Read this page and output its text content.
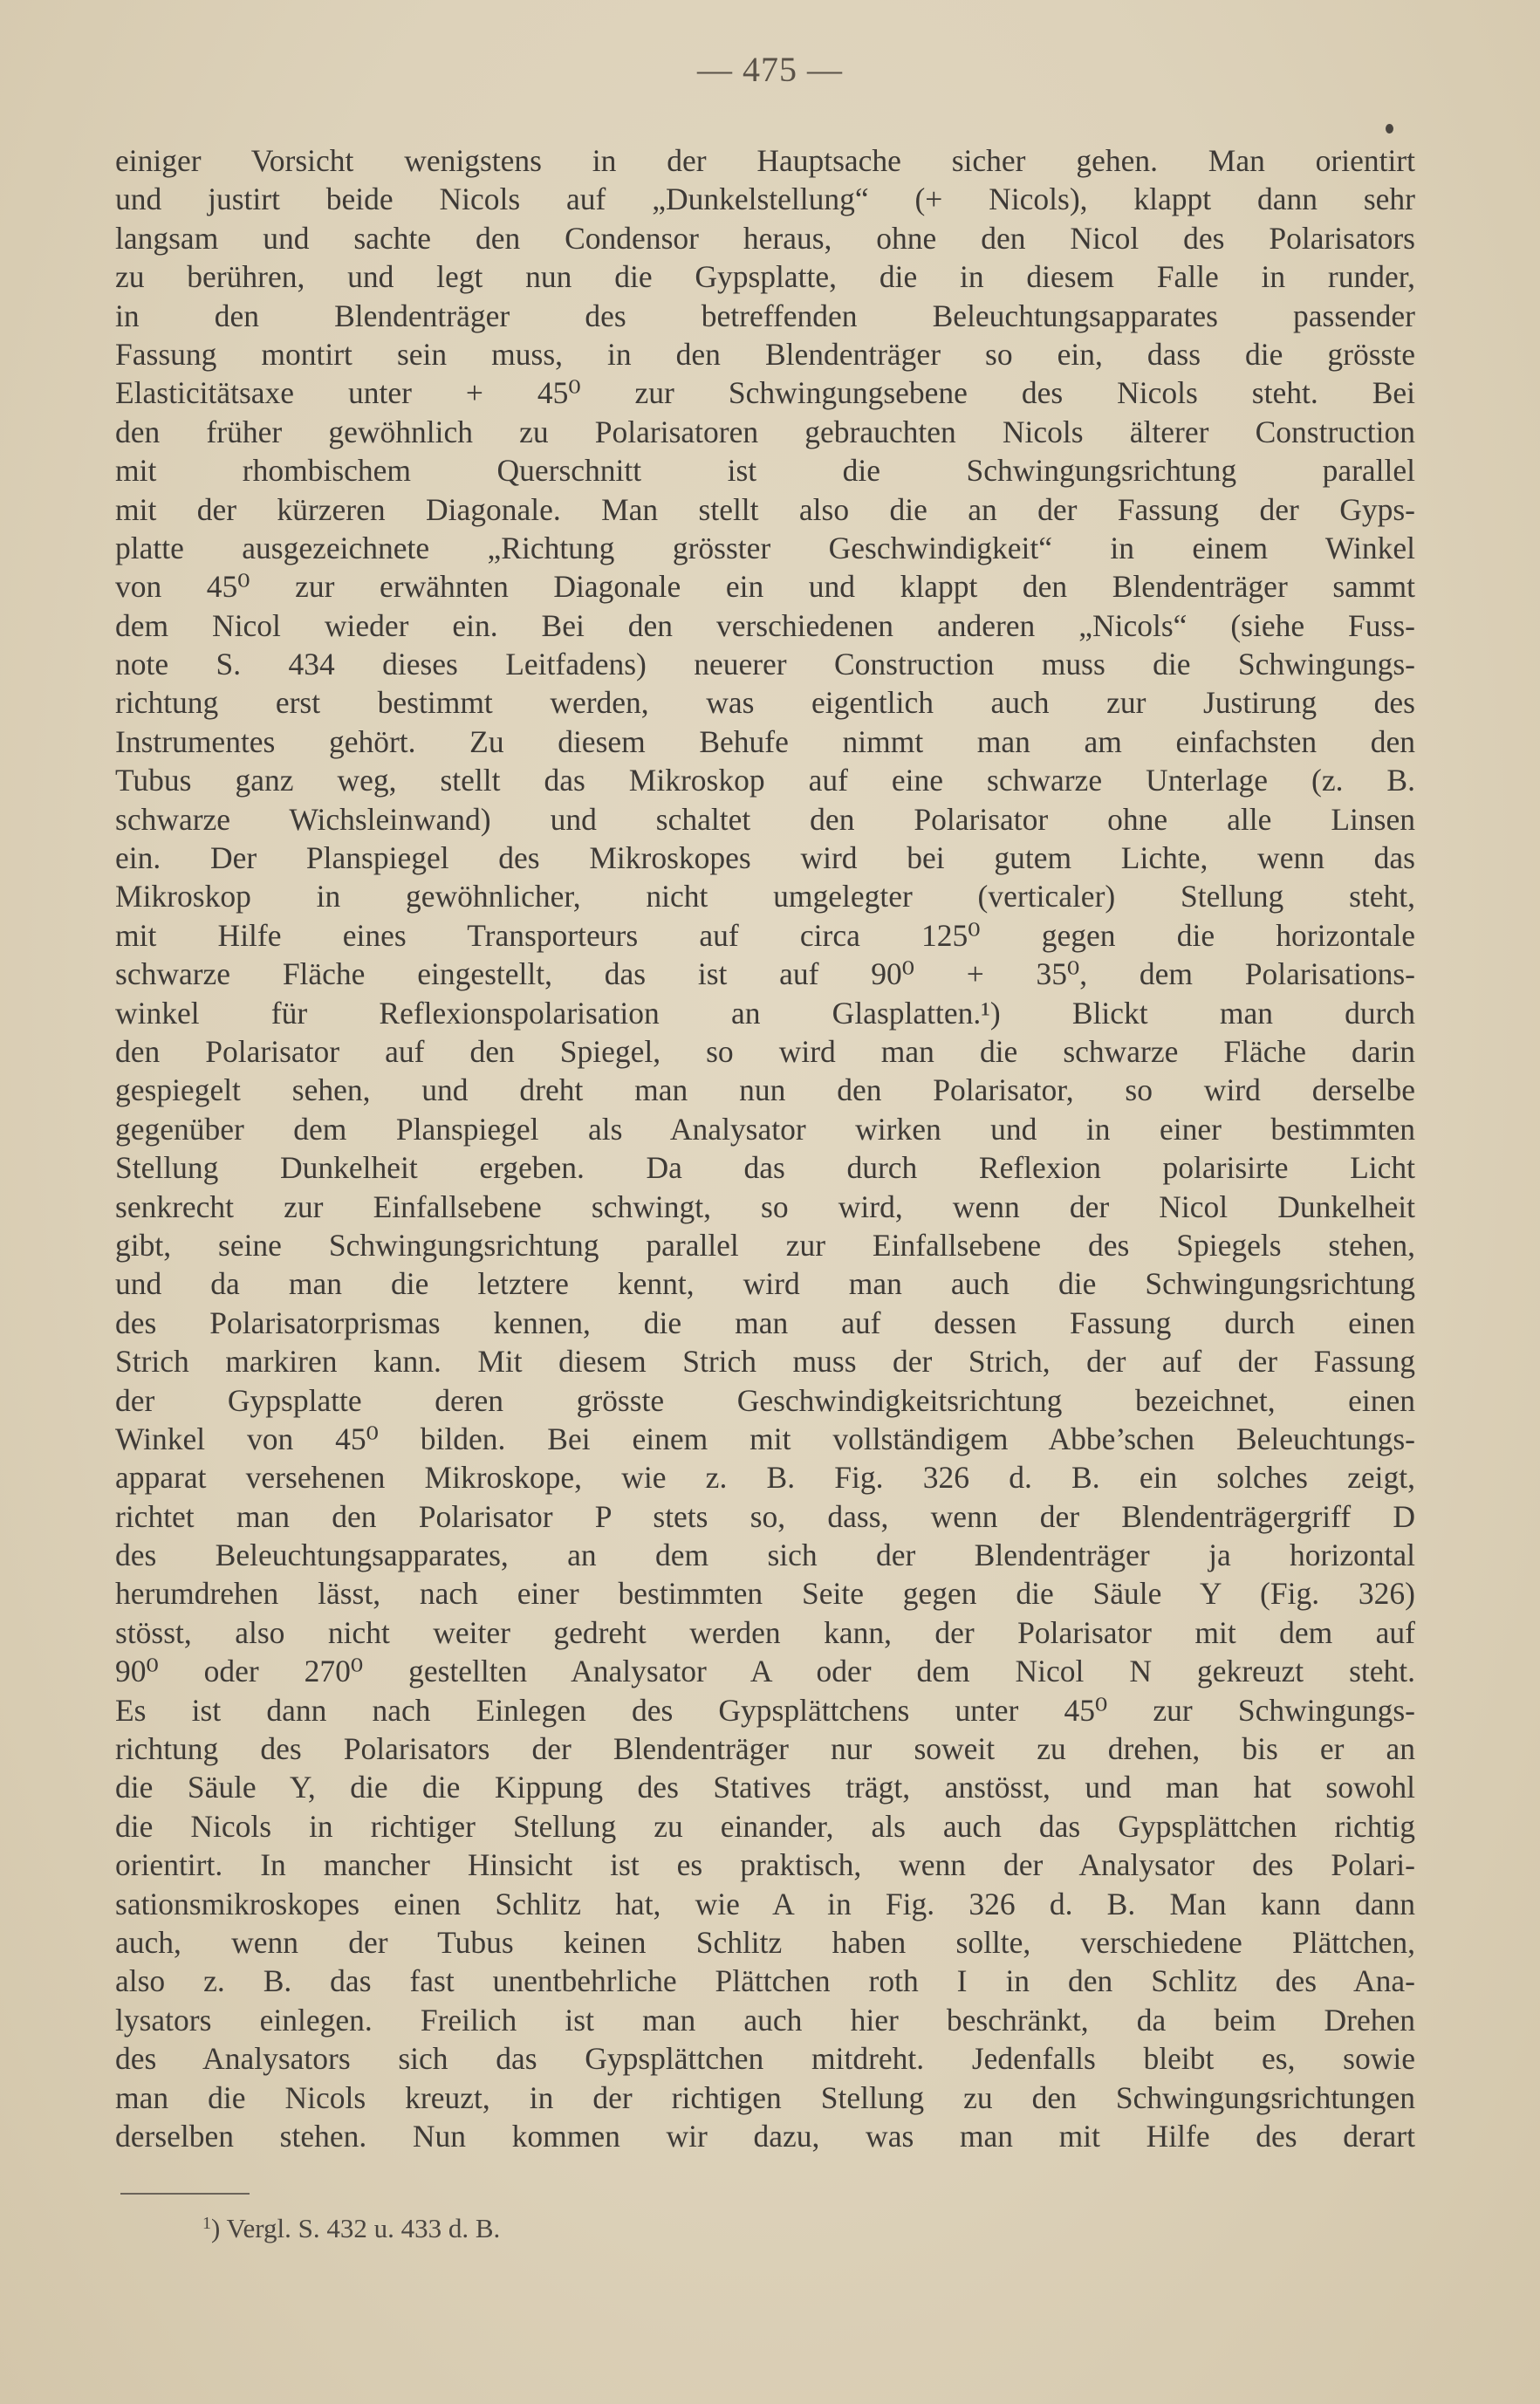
— 475 —
einiger Vorsicht wenigstens in der Hauptsache sicher gehen. Man orientirt
und justirt beide Nicols auf „Dunkelstellung“ (+ Nicols), klappt dann sehr
langsam und sachte den Condensor heraus, ohne den Nicol des Polarisators
zu berühren, und legt nun die Gypsplatte, die in diesem Falle in runder,
in den Blendenträger des betreffenden Beleuchtungsapparates passender
Fassung montirt sein muss, in den Blendenträger so ein, dass die grösste
Elasticitätsaxe unter + 45⁰ zur Schwingungsebene des Nicols steht. Bei
den früher gewöhnlich zu Polarisatoren gebrauchten Nicols älterer Construction
mit rhombischem Querschnitt ist die Schwingungsrichtung parallel
mit der kürzeren Diagonale. Man stellt also die an der Fassung der Gyps-
platte ausgezeichnete „Richtung grösster Geschwindigkeit“ in einem Winkel
von 45⁰ zur erwähnten Diagonale ein und klappt den Blendenträger sammt
dem Nicol wieder ein. Bei den verschiedenen anderen „Nicols“ (siehe Fuss-
note S. 434 dieses Leitfadens) neuerer Construction muss die Schwingungs-
richtung erst bestimmt werden, was eigentlich auch zur Justirung des
Instrumentes gehört. Zu diesem Behufe nimmt man am einfachsten den
Tubus ganz weg, stellt das Mikroskop auf eine schwarze Unterlage (z. B.
schwarze Wichsleinwand) und schaltet den Polarisator ohne alle Linsen
ein. Der Planspiegel des Mikroskopes wird bei gutem Lichte, wenn das
Mikroskop in gewöhnlicher, nicht umgelegter (verticaler) Stellung steht,
mit Hilfe eines Transporteurs auf circa 125⁰ gegen die horizontale
schwarze Fläche eingestellt, das ist auf 90⁰ + 35⁰, dem Polarisations-
winkel für Reflexionspolarisation an Glasplatten.¹) Blickt man durch
den Polarisator auf den Spiegel, so wird man die schwarze Fläche darin
gespiegelt sehen, und dreht man nun den Polarisator, so wird derselbe
gegenüber dem Planspiegel als Analysator wirken und in einer bestimmten
Stellung Dunkelheit ergeben. Da das durch Reflexion polarisirte Licht
senkrecht zur Einfallsebene schwingt, so wird, wenn der Nicol Dunkelheit
gibt, seine Schwingungsrichtung parallel zur Einfallsebene des Spiegels stehen,
und da man die letztere kennt, wird man auch die Schwingungsrichtung
des Polarisatorprismas kennen, die man auf dessen Fassung durch einen
Strich markiren kann. Mit diesem Strich muss der Strich, der auf der Fassung
der Gypsplatte deren grösste Geschwindigkeitsrichtung bezeichnet, einen
Winkel von 45⁰ bilden. Bei einem mit vollständigem Abbe’schen Beleuchtungs-
apparat versehenen Mikroskope, wie z. B. Fig. 326 d. B. ein solches zeigt,
richtet man den Polarisator P stets so, dass, wenn der Blendenträgergriff D
des Beleuchtungsapparates, an dem sich der Blendenträger ja horizontal
herumdrehen lässt, nach einer bestimmten Seite gegen die Säule Y (Fig. 326)
stösst, also nicht weiter gedreht werden kann, der Polarisator mit dem auf
90⁰ oder 270⁰ gestellten Analysator A oder dem Nicol N gekreuzt steht.
Es ist dann nach Einlegen des Gypsplättchens unter 45⁰ zur Schwingungs-
richtung des Polarisators der Blendenträger nur soweit zu drehen, bis er an
die Säule Y, die die Kippung des Statives trägt, anstösst, und man hat sowohl
die Nicols in richtiger Stellung zu einander, als auch das Gypsplättchen richtig
orientirt. In mancher Hinsicht ist es praktisch, wenn der Analysator des Polari-
sationsmikroskopes einen Schlitz hat, wie A in Fig. 326 d. B. Man kann dann
auch, wenn der Tubus keinen Schlitz haben sollte, verschiedene Plättchen,
also z. B. das fast unentbehrliche Plättchen roth I in den Schlitz des Ana-
lysators einlegen. Freilich ist man auch hier beschränkt, da beim Drehen
des Analysators sich das Gypsplättchen mitdreht. Jedenfalls bleibt es, sowie
man die Nicols kreuzt, in der richtigen Stellung zu den Schwingungsrichtungen
derselben stehen. Nun kommen wir dazu, was man mit Hilfe des derart
$^1$) Vergl. S. 432 u. 433 d. B.
